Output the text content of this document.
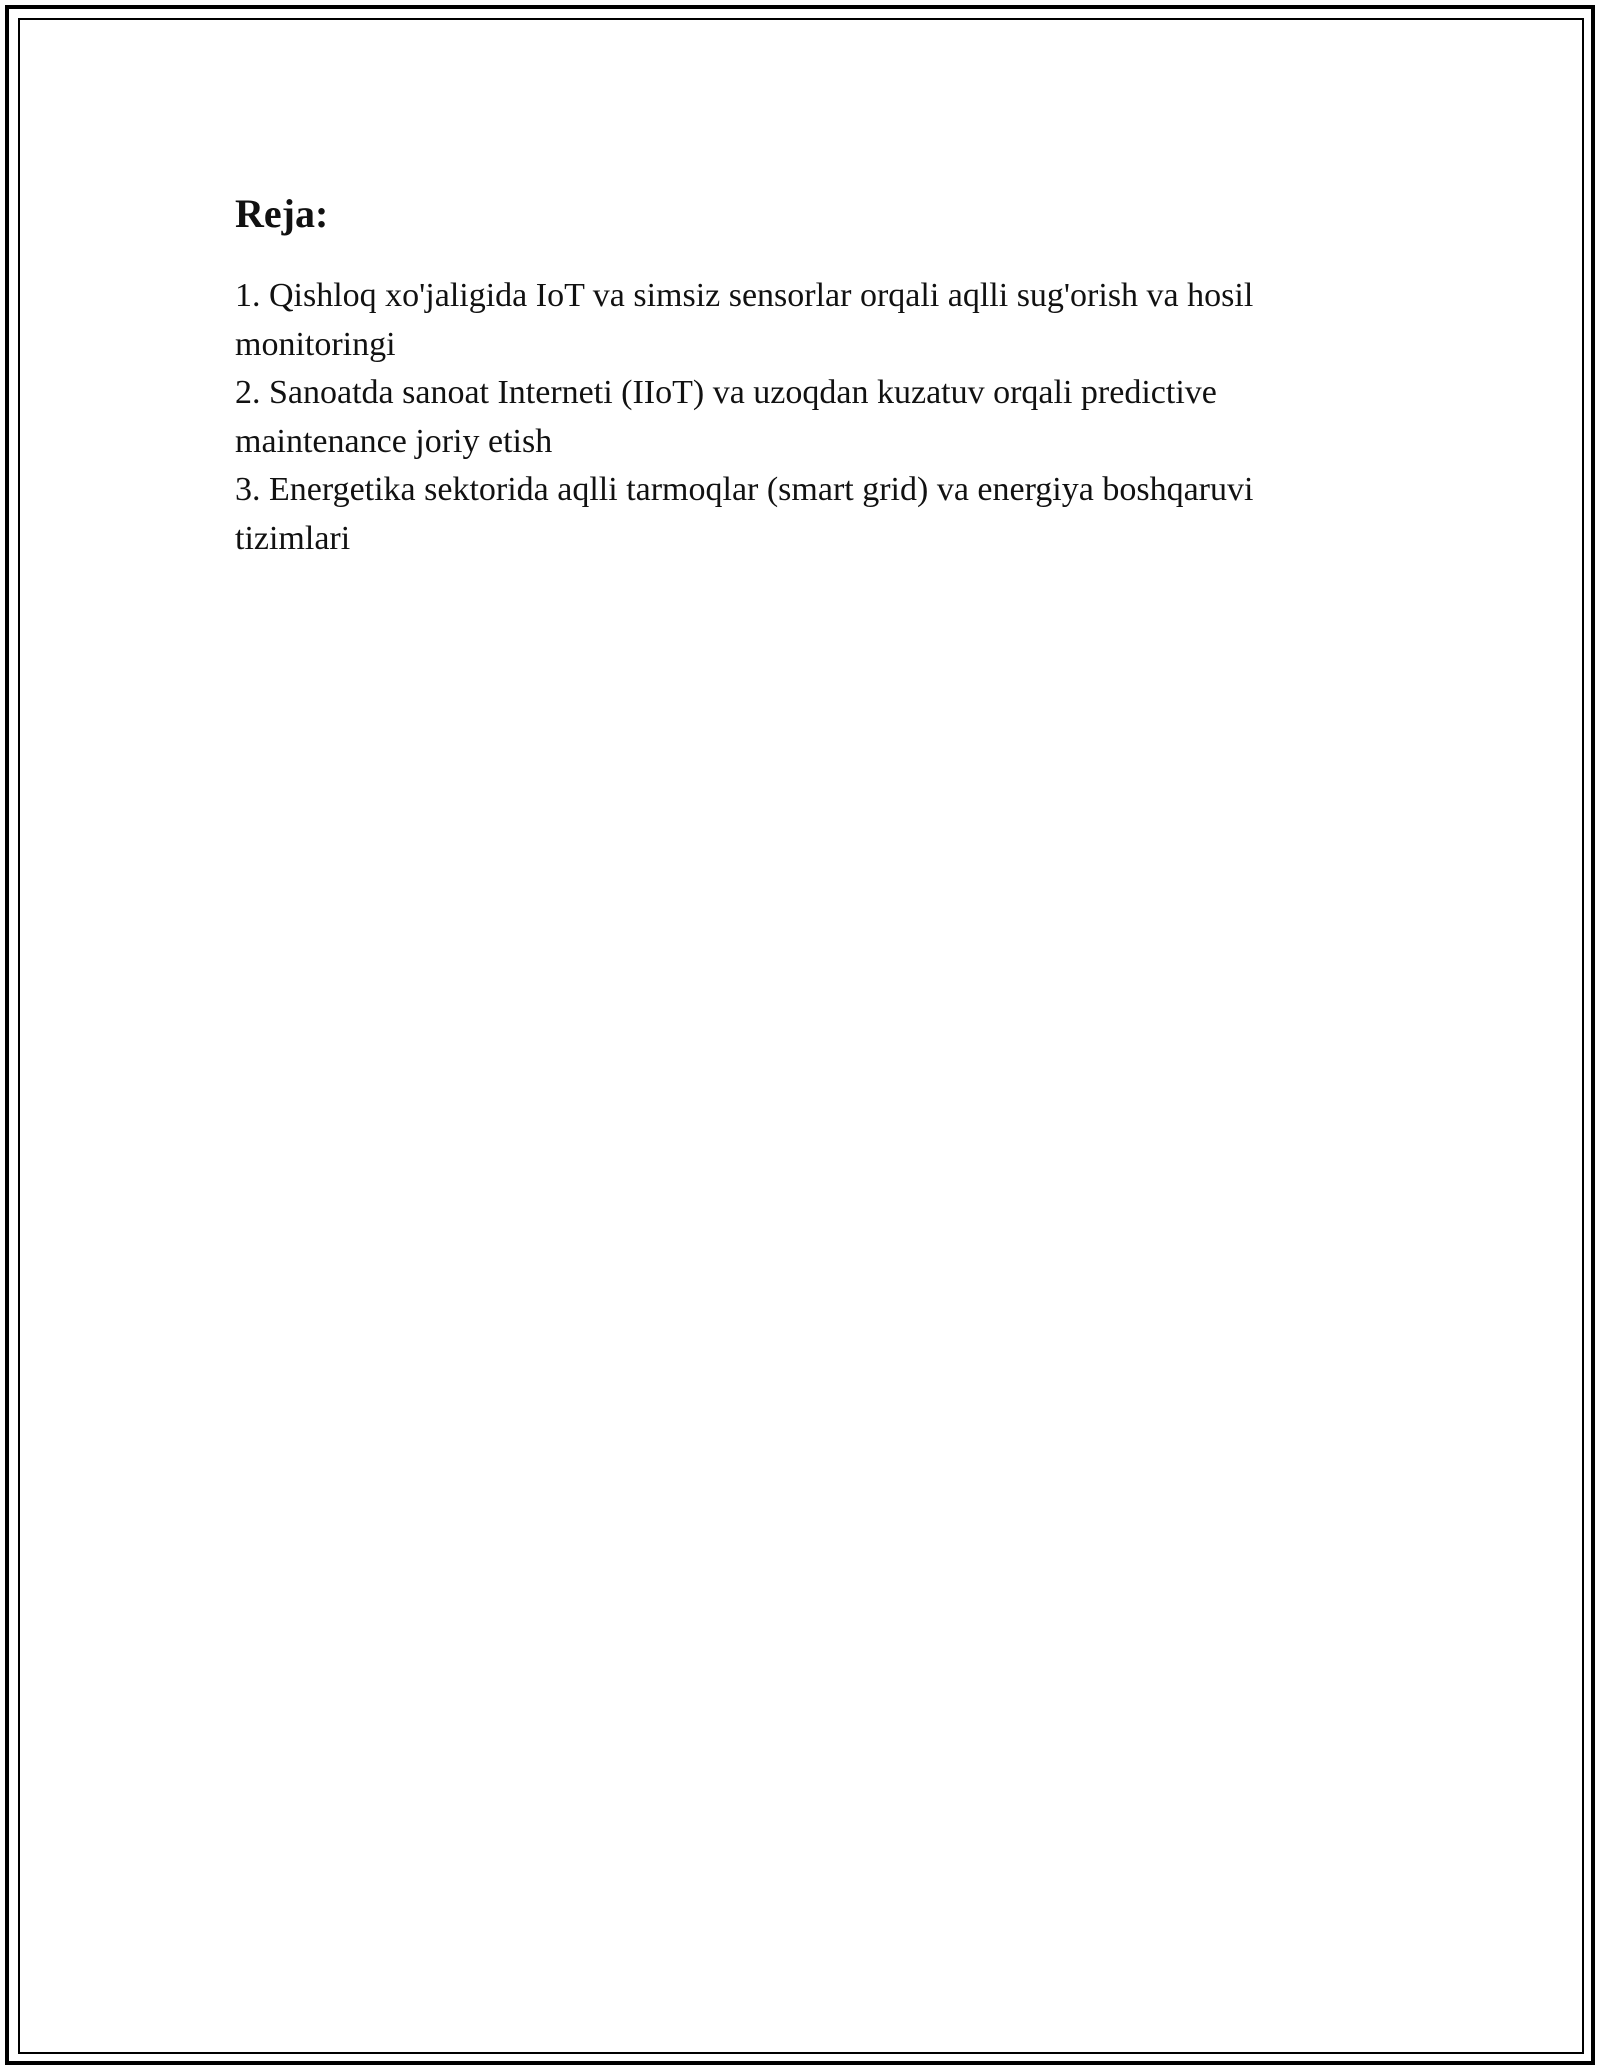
Reja:
1. Qishloq xo'jaligida IoT va simsiz sensorlar orqali aqlli sug'orish va hosil monitoringi
2. Sanoatda sanoat Interneti (IIoT) va uzoqdan kuzatuv orqali predictive maintenance joriy etish
3. Energetika sektorida aqlli tarmoqlar (smart grid) va energiya boshqaruvi tizimlari
